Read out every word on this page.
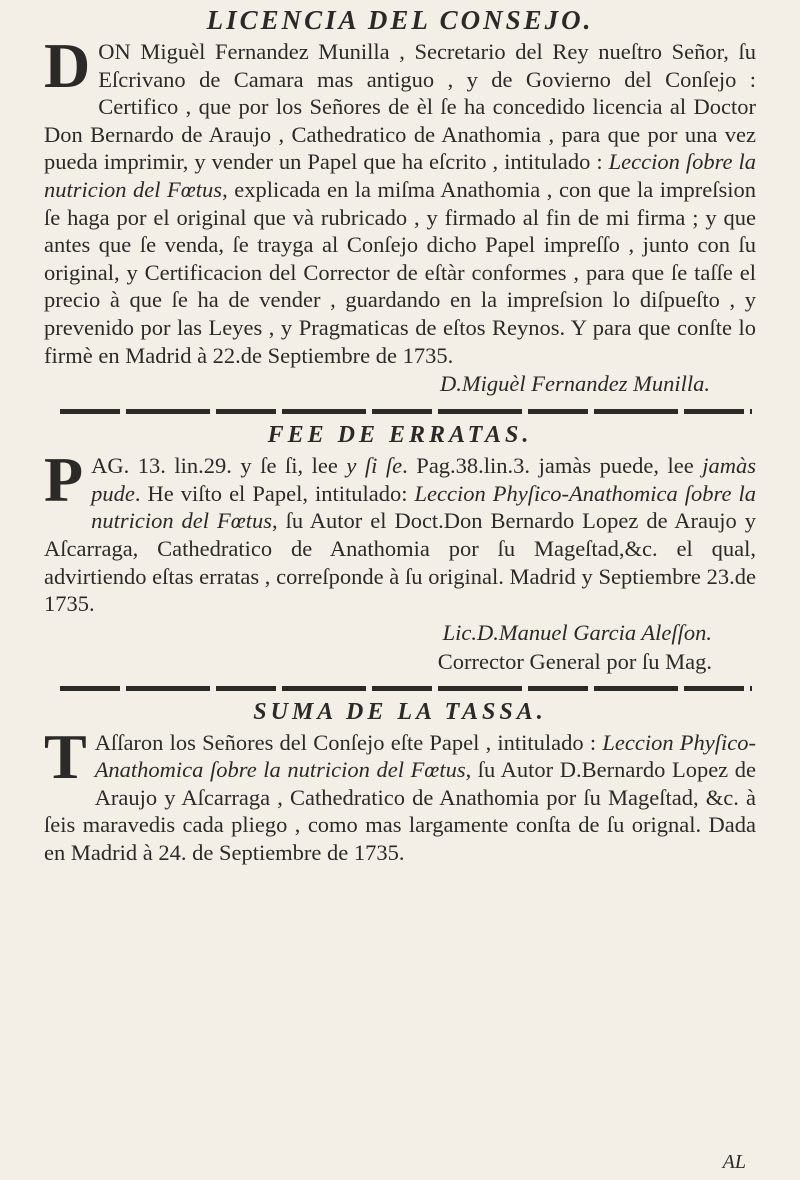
LICENCIA DEL CONSEJO.

DON Miguèl Fernandez Munilla , Secretario del Rey nueſtro Señor, ſu Eſcrivano de Camara mas antiguo , y de Govierno del Conſejo : Certifico , que por los Señores de èl ſe ha concedido licencia al Doctor Don Bernardo de Araujo , Cathedratico de Anathomia , para que por una vez pueda imprimir, y vender un Papel que ha eſcrito , intitulado : Leccion ſobre la nutricion del Fœtus, explicada en la miſma Anathomia , con que la impreſsion ſe haga por el original que và rubricado , y firmado al fin de mi firma ; y que antes que ſe venda, ſe trayga al Conſejo dicho Papel impreſſo , junto con ſu original, y Certificacion del Corrector de eſtàr conformes , para que ſe taſſe el precio à que ſe ha de vender , guardando en la impreſsion lo diſpueſto , y prevenido por las Leyes , y Pragmaticas de eſtos Reynos. Y para que conſte lo firmè en Madrid à 22.de Septiembre de 1735.

D.Miguèl Fernandez Munilla.

FEE DE ERRATAS.

PAG. 13. lin.29. y ſe ſi, lee y ſi ſe. Pag.38.lin.3. jamàs puede, lee jamàs pude. He viſto el Papel, intitulado: Leccion Phyſico-Anathomica ſobre la nutricion del Fœtus, ſu Autor el Doct.Don Bernardo Lopez de Araujo y Aſcarraga, Cathedratico de Anathomia por ſu Mageſtad,&c. el qual, advirtiendo eſtas erratas , correſponde à ſu original. Madrid y Septiembre 23.de 1735.

Lic.D.Manuel Garcia Aleſſon.

Corrector General por ſu Mag.

SUMA DE LA TASSA.

T Aſſaron los Señores del Conſejo eſte Papel , intitulado : Leccion Phyſico-Anathomica ſobre la nutricion del Fœtus, ſu Autor D.Bernardo Lopez de Araujo y Aſcarraga , Cathedratico de Anathomia por ſu Mageſtad, &c. à ſeis maravedis cada pliego , como mas largamente conſta de ſu orignal. Dada en Madrid à 24. de Septiembre de 1735.

AL
